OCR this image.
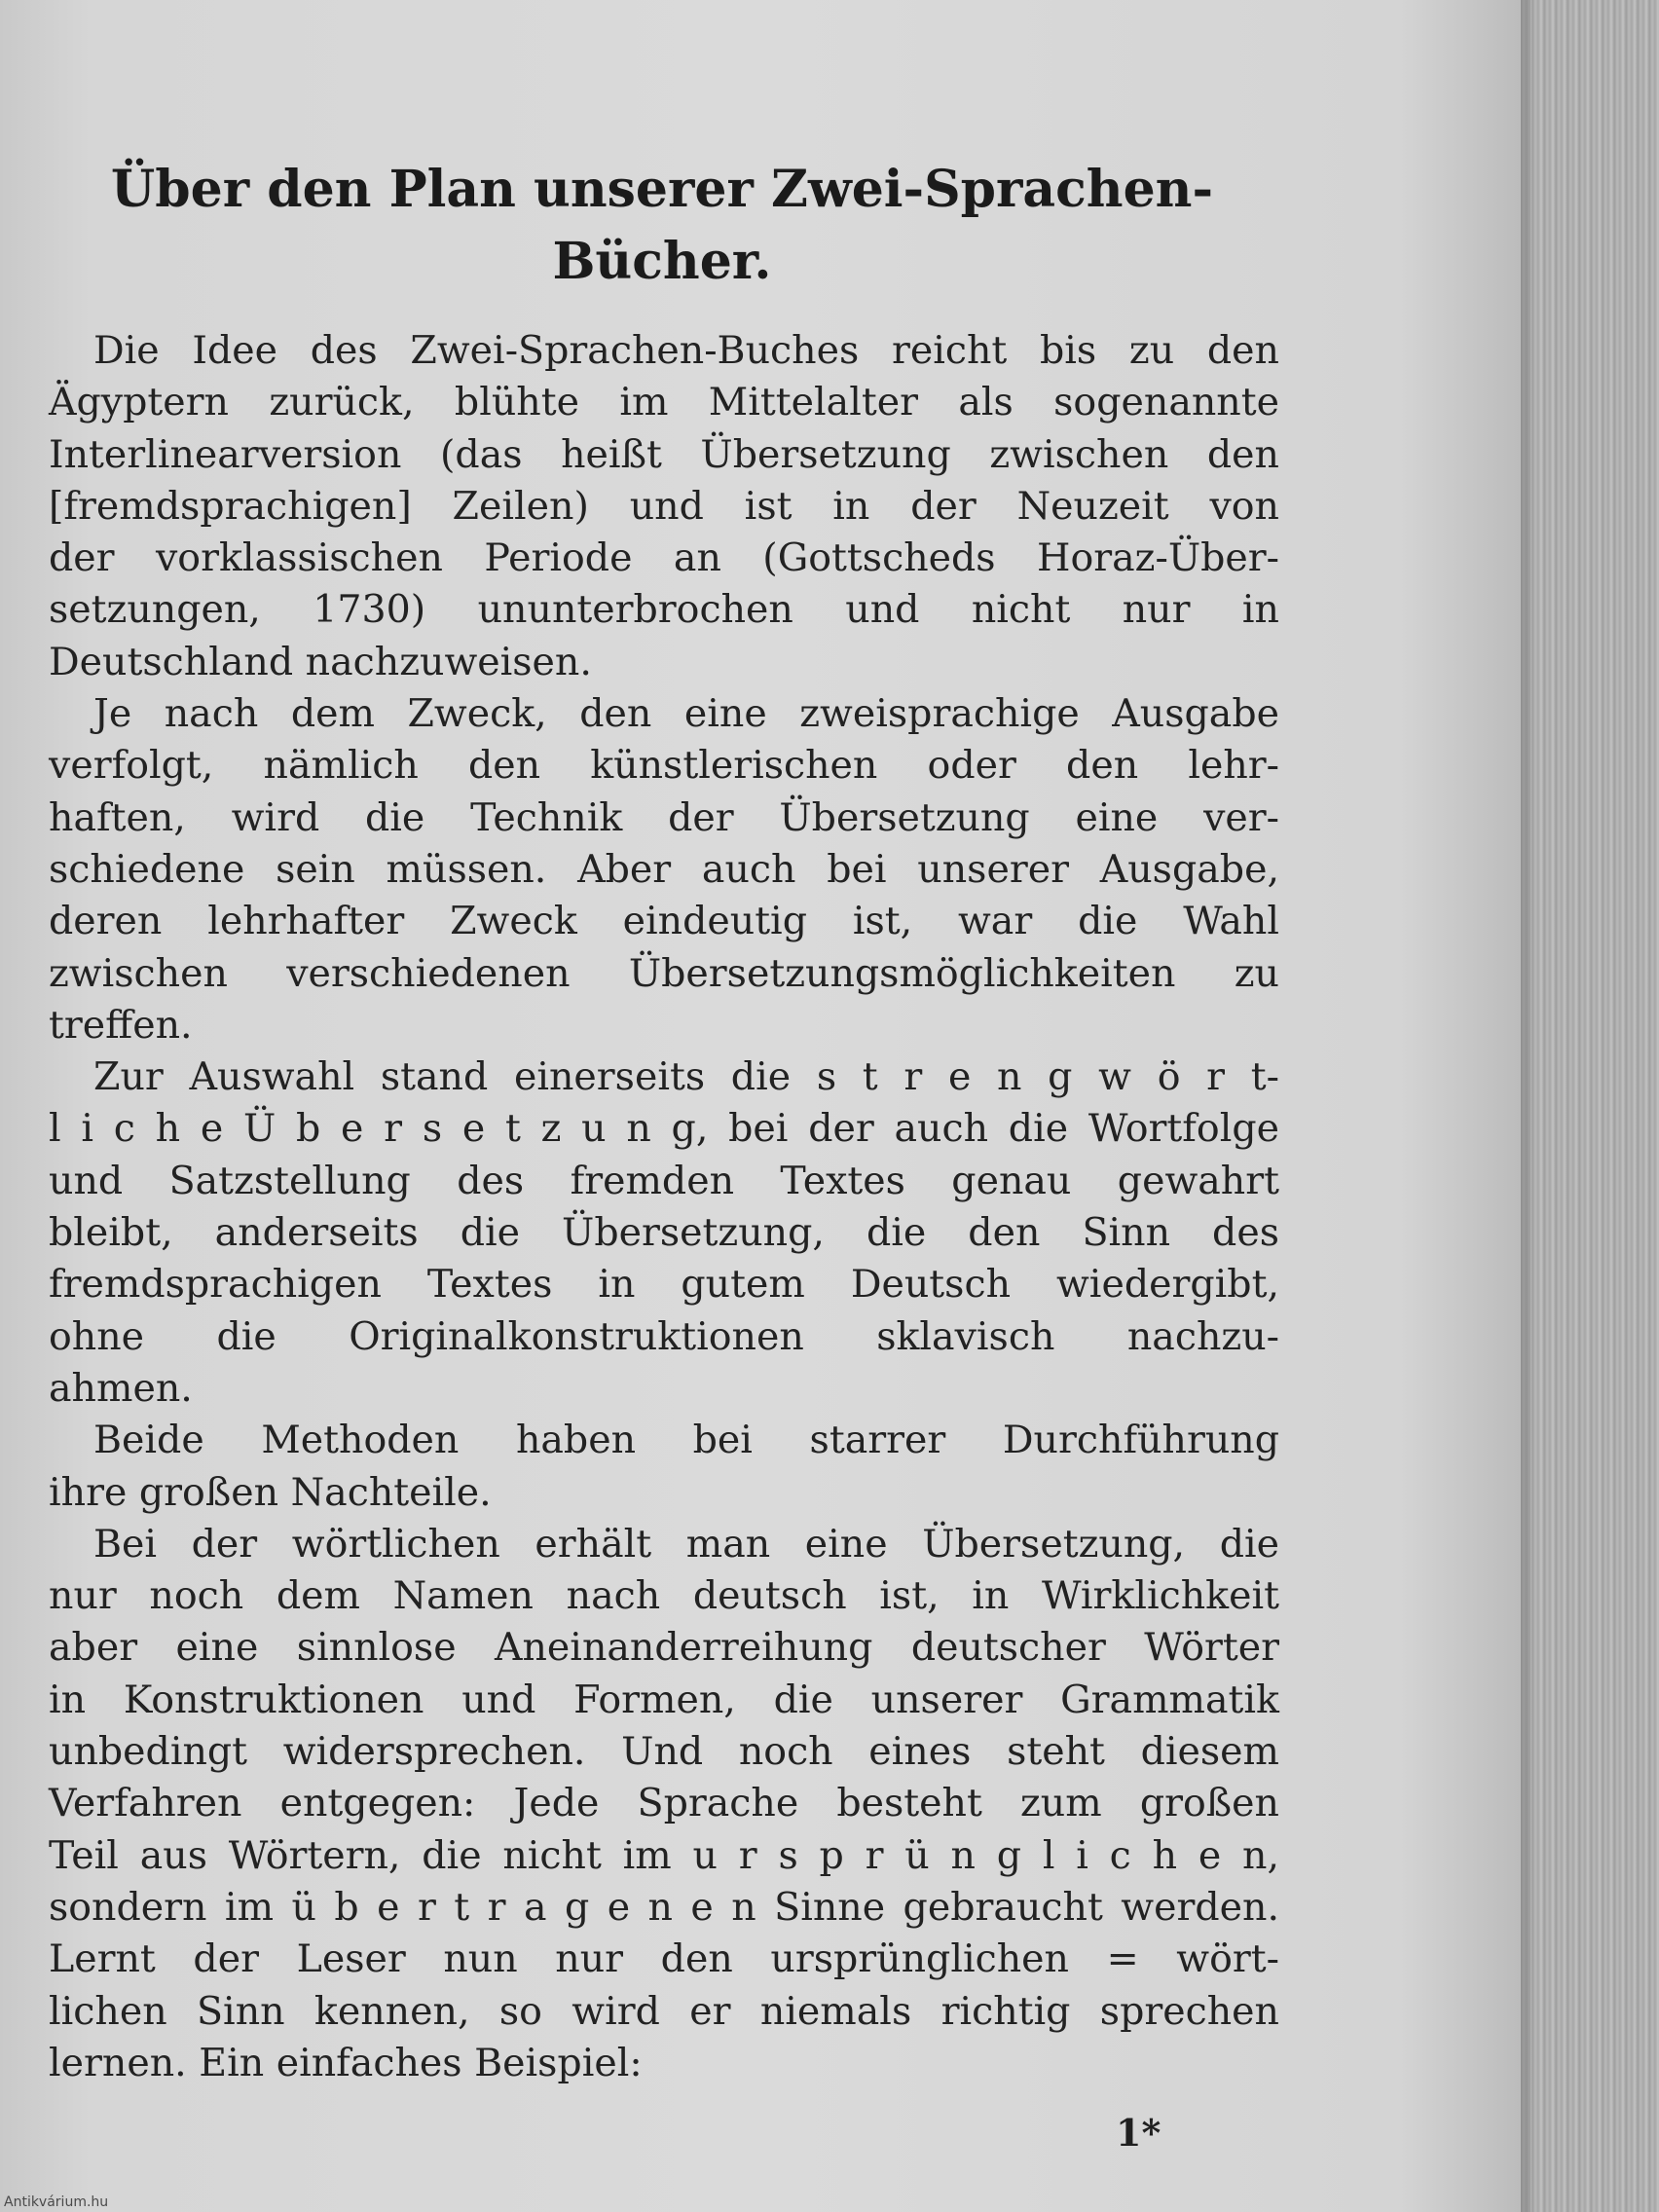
Über den Plan unserer Zwei-Sprachen-
Bücher.
Die Idee des Zwei-Sprachen-Buches reicht bis zu den
Ägyptern zurück, blühte im Mittelalter als sogenannte
Interlinearversion (das heißt Übersetzung zwischen den
[fremdsprachigen] Zeilen) und ist in der Neuzeit von
der vorklassischen Periode an (Gottscheds Horaz-Über-
setzungen, 1730) ununterbrochen und nicht nur in
Deutschland nachzuweisen.
Je nach dem Zweck, den eine zweisprachige Ausgabe
verfolgt, nämlich den künstlerischen oder den lehr-
haften, wird die Technik der Übersetzung eine ver-
schiedene sein müssen. Aber auch bei unserer Ausgabe,
deren lehrhafter Zweck eindeutig ist, war die Wahl
zwischen verschiedenen Übersetzungsmöglichkeiten zu
treffen.
Zur Auswahl stand einerseits die s t r e n g w ö r t-
l i c h e Ü b e r s e t z u n g, bei der auch die Wortfolge
und Satzstellung des fremden Textes genau gewahrt
bleibt, anderseits die Übersetzung, die den Sinn des
fremdsprachigen Textes in gutem Deutsch wiedergibt,
ohne die Originalkonstruktionen sklavisch nachzu-
ahmen.
Beide Methoden haben bei starrer Durchführung
ihre großen Nachteile.
Bei der wörtlichen erhält man eine Übersetzung, die
nur noch dem Namen nach deutsch ist, in Wirklichkeit
aber eine sinnlose Aneinanderreihung deutscher Wörter
in Konstruktionen und Formen, die unserer Grammatik
unbedingt widersprechen. Und noch eines steht diesem
Verfahren entgegen: Jede Sprache besteht zum großen
Teil aus Wörtern, die nicht im u r s p r ü n g l i c h e n,
sondern im ü b e r t r a g e n e n Sinne gebraucht werden.
Lernt der Leser nun nur den ursprünglichen = wört-
lichen Sinn kennen, so wird er niemals richtig sprechen
lernen. Ein einfaches Beispiel:
1*
Antikvárium.hu
